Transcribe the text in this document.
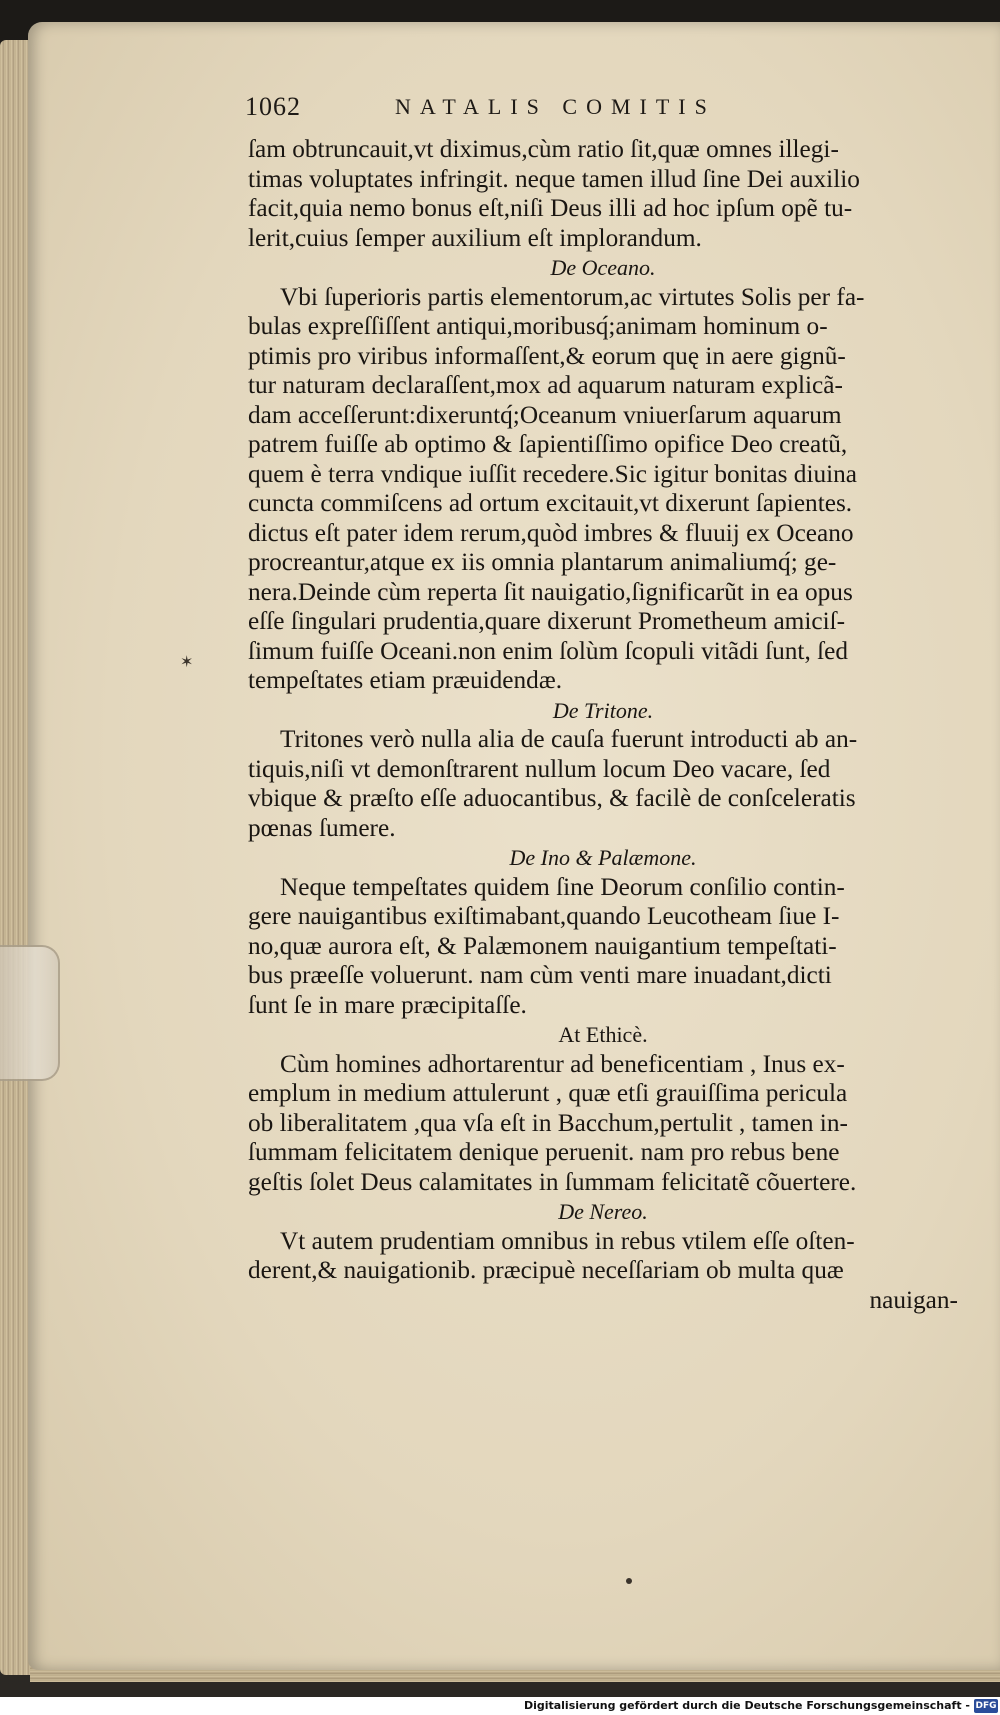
1062	NATALIS COMITIS
ſam obtruncauit,vt diximus,cùm ratio ſit,quæ omnes illegi-
timas voluptates infringit. neque tamen illud ſine Dei auxilio
facit,quia nemo bonus eſt,niſi Deus illi ad hoc ipſum opẽ tu-
lerit,cuius ſemper auxilium eſt implorandum.
De Oceano.
Vbi ſuperioris partis elementorum,ac virtutes Solis per fa-
bulas expreſſiſſent antiqui,moribusq́;animam hominum o-
ptimis pro viribus informaſſent,& eorum quę in aere gignũ-
tur naturam declaraſſent,mox ad aquarum naturam explicã-
dam acceſſerunt:dixeruntq́;Oceanum vniuerſarum aquarum
patrem fuiſſe ab optimo & ſapientiſſimo opifice Deo creatũ,
quem è terra vndique iuſſit recedere.Sic igitur bonitas diuina
cuncta commiſcens ad ortum excitauit,vt dixerunt ſapientes.
dictus eſt pater idem rerum,quòd imbres & fluuij ex Oceano
procreantur,atque ex iis omnia plantarum animaliumq́; ge-
nera.Deinde cùm reperta ſit nauigatio,ſignificarũt in ea opus
eſſe ſingulari prudentia,quare dixerunt Prometheum amiciſ-
ſimum fuiſſe Oceani.non enim ſolùm ſcopuli vitãdi ſunt, ſed
tempeſtates etiam præuidendæ.
De Tritone.
Tritones verò nulla alia de cauſa fuerunt introducti ab an-
tiquis,niſi vt demonſtrarent nullum locum Deo vacare, ſed
vbique & præſto eſſe aduocantibus, & facilè de conſceleratis
pœnas ſumere.
De Ino & Palæmone.
Neque tempeſtates quidem ſine Deorum conſilio contin-
gere nauigantibus exiſtimabant,quando Leucotheam ſiue I-
no,quæ aurora eſt, & Palæmonem nauigantium tempeſtati-
bus præeſſe voluerunt. nam cùm venti mare inuadant,dicti
ſunt ſe in mare præcipitaſſe.
At Ethicè.
Cùm homines adhortarentur ad beneficentiam , Inus ex-
emplum in medium attulerunt , quæ etſi grauiſſima pericula
ob liberalitatem ,qua vſa eſt in Bacchum,pertulit , tamen in-
ſummam felicitatem denique peruenit. nam pro rebus bene
geſtis ſolet Deus calamitates in ſummam felicitatẽ cõuertere.
De Nereo.
Vt autem prudentiam omnibus in rebus vtilem eſſe oſten-
derent,& nauigationib. præcipuè neceſſariam ob multa quæ
nauigan-
✶
Digitalisierung gefördert durch die Deutsche Forschungsgemeinschaft - DFG
